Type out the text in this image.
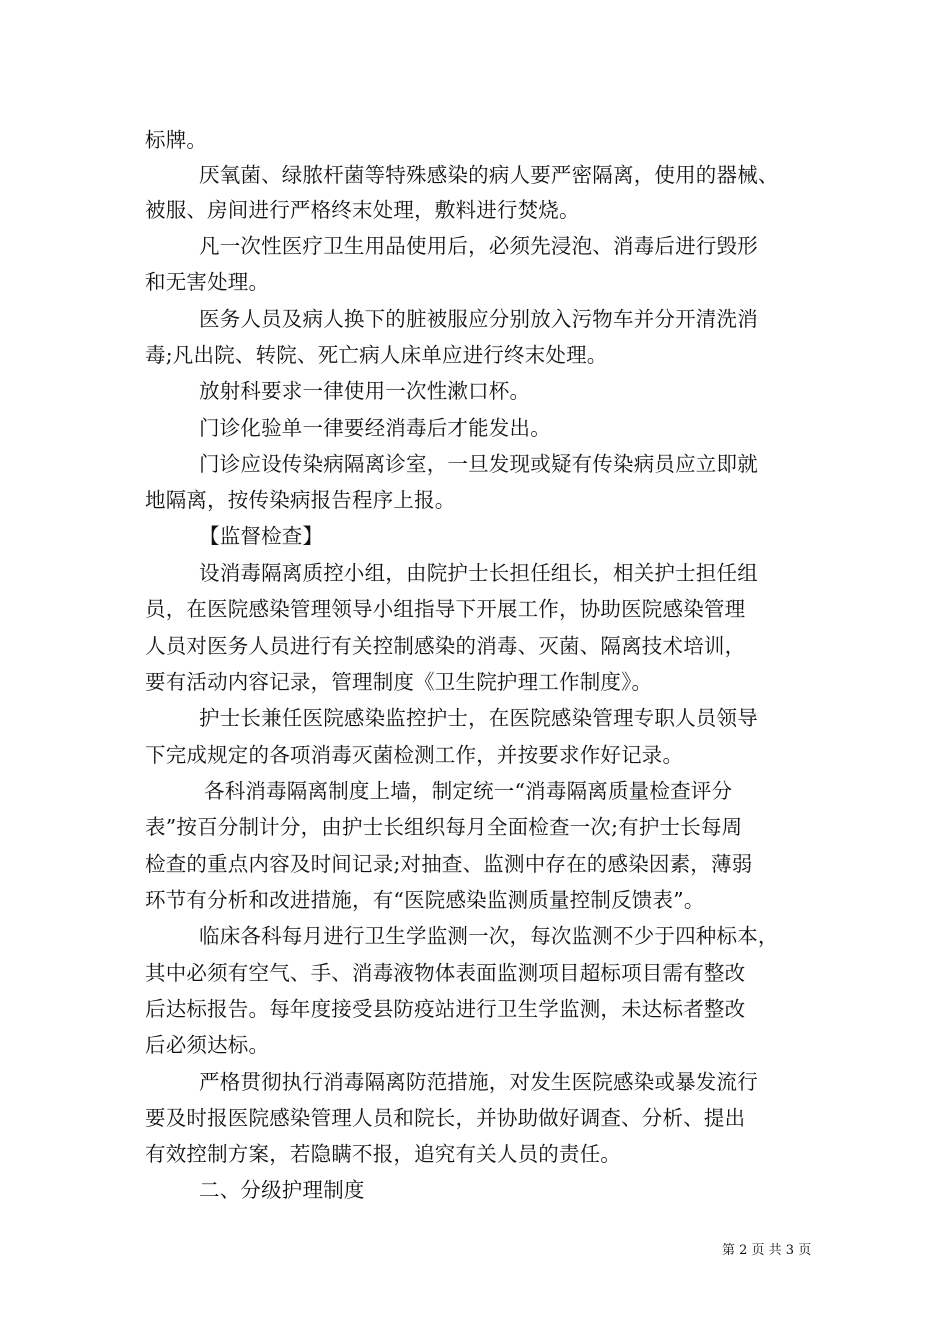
标牌。
厌氧菌、绿脓杆菌等特殊感染的病人要严密隔离，使用的器械、
被服、房间进行严格终末处理，敷料进行焚烧。
凡一次性医疗卫生用品使用后，必须先浸泡、消毒后进行毁形
和无害处理。
医务人员及病人换下的脏被服应分别放入污物车并分开清洗消
毒;凡出院、转院、死亡病人床单应进行终末处理。
放射科要求一律使用一次性漱口杯。
门诊化验单一律要经消毒后才能发出。
门诊应设传染病隔离诊室，一旦发现或疑有传染病员应立即就
地隔离，按传染病报告程序上报。
【监督检查】
设消毒隔离质控小组，由院护士长担任组长，相关护士担任组
员，在医院感染管理领导小组指导下开展工作，协助医院感染管理
人员对医务人员进行有关控制感染的消毒、灭菌、隔离技术培训，
要有活动内容记录，管理制度《卫生院护理工作制度》。
护士长兼任医院感染监控护士，在医院感染管理专职人员领导
下完成规定的各项消毒灭菌检测工作，并按要求作好记录。
各科消毒隔离制度上墙，制定统一“消毒隔离质量检查评分
表”按百分制计分，由护士长组织每月全面检查一次;有护士长每周
检查的重点内容及时间记录;对抽查、监测中存在的感染因素，薄弱
环节有分析和改进措施，有“医院感染监测质量控制反馈表”。
临床各科每月进行卫生学监测一次，每次监测不少于四种标本，
其中必须有空气、手、消毒液物体表面监测项目超标项目需有整改
后达标报告。每年度接受县防疫站进行卫生学监测，未达标者整改
后必须达标。
严格贯彻执行消毒隔离防范措施，对发生医院感染或暴发流行
要及时报医院感染管理人员和院长，并协助做好调查、分析、提出
有效控制方案，若隐瞒不报，追究有关人员的责任。
二、分级护理制度
第 2 页 共 3 页
